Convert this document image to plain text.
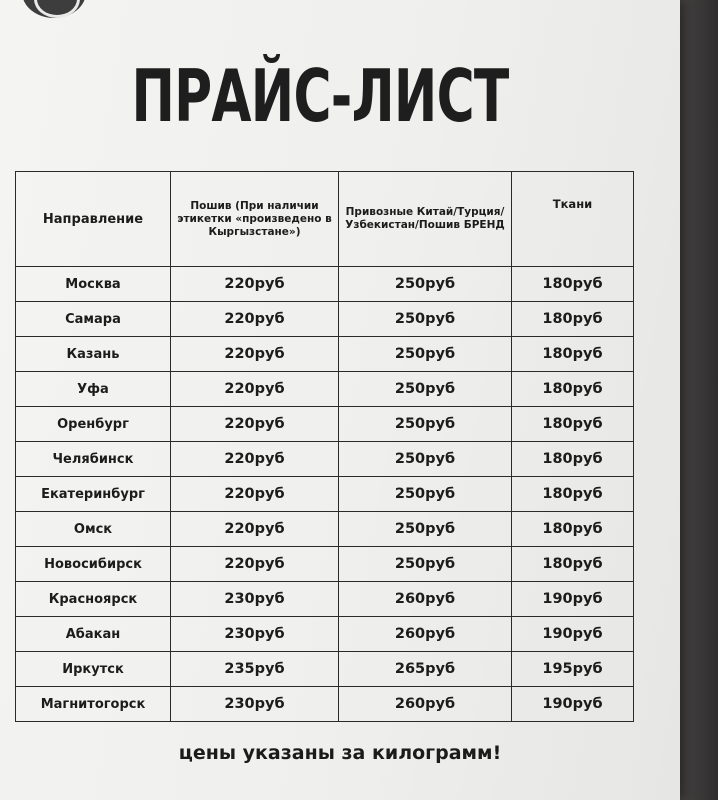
ПРАЙС-ЛИСТ
Направление	Пошив (При наличии этикетки «произведено в Кыргызстане»)	Привозные Китай/Турция/ Узбекистан/Пошив БРЕНД	Ткани
Москва	220руб	250руб	180руб
Самара	220руб	250руб	180руб
Казань	220руб	250руб	180руб
Уфа	220руб	250руб	180руб
Оренбург	220руб	250руб	180руб
Челябинск	220руб	250руб	180руб
Екатеринбург	220руб	250руб	180руб
Омск	220руб	250руб	180руб
Новосибирск	220руб	250руб	180руб
Красноярск	230руб	260руб	190руб
Абакан	230руб	260руб	190руб
Иркутск	235руб	265руб	195руб
Магнитогорск	230руб	260руб	190руб
цены указаны за килограмм!
